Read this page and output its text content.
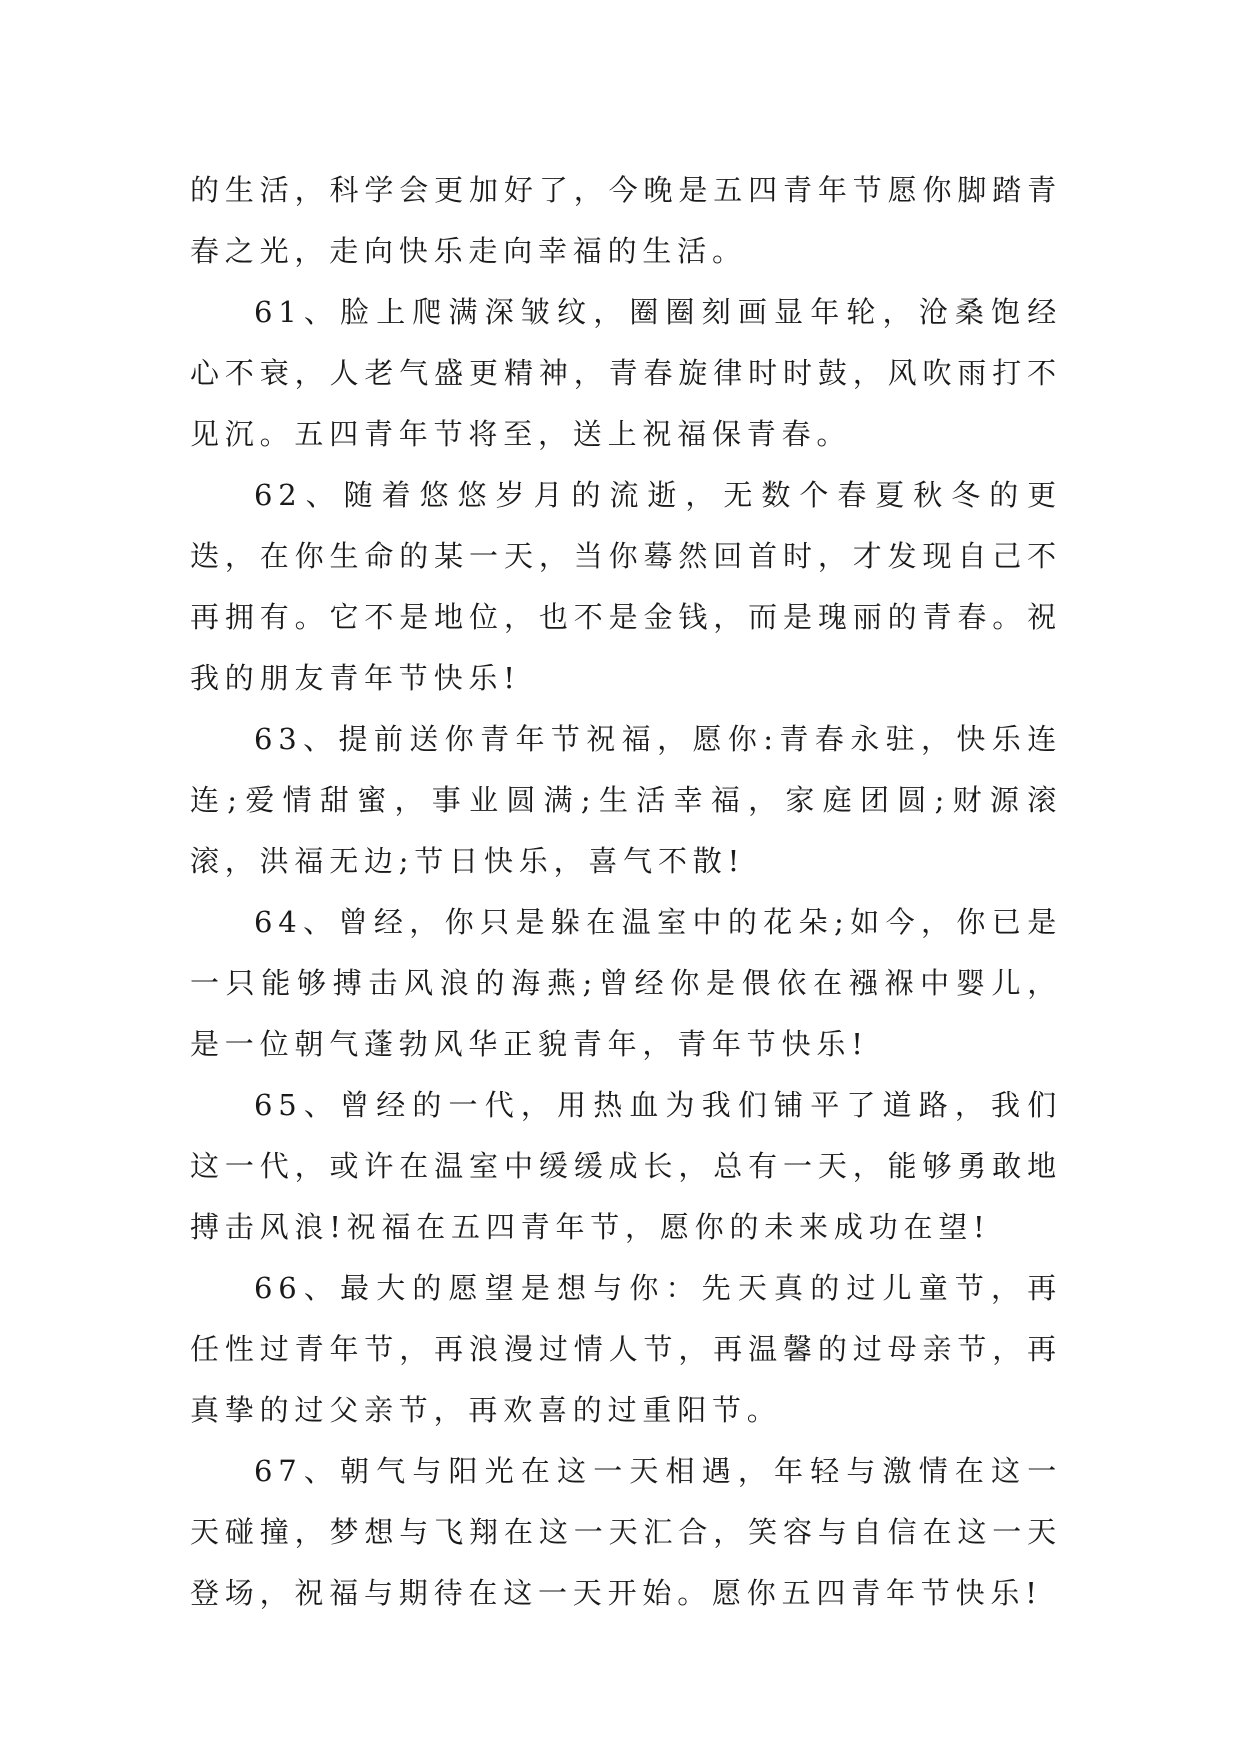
的生活，科学会更加好了，今晚是五四青年节愿你脚踏青春之光，走向快乐走向幸福的生活。

61、脸上爬满深皱纹，圈圈刻画显年轮，沧桑饱经心不衰，人老气盛更精神，青春旋律时时鼓，风吹雨打不见沉。五四青年节将至，送上祝福保青春。

62、随着悠悠岁月的流逝，无数个春夏秋冬的更迭，在你生命的某一天，当你蓦然回首时，才发现自己不再拥有。它不是地位，也不是金钱，而是瑰丽的青春。祝我的朋友青年节快乐!

63、提前送你青年节祝福，愿你:青春永驻，快乐连连;爱情甜蜜，事业圆满;生活幸福，家庭团圆;财源滚滚，洪福无边;节日快乐，喜气不散!

64、曾经，你只是躲在温室中的花朵;如今，你已是一只能够搏击风浪的海燕;曾经你是偎依在襁褓中婴儿，是一位朝气蓬勃风华正貌青年，青年节快乐!

65、曾经的一代，用热血为我们铺平了道路，我们这一代，或许在温室中缓缓成长，总有一天，能够勇敢地搏击风浪!祝福在五四青年节，愿你的未来成功在望!

66、最大的愿望是想与你：先天真的过儿童节，再任性过青年节，再浪漫过情人节，再温馨的过母亲节，再真挚的过父亲节，再欢喜的过重阳节。

67、朝气与阳光在这一天相遇，年轻与激情在这一天碰撞，梦想与飞翔在这一天汇合，笑容与自信在这一天登场，祝福与期待在这一天开始。愿你五四青年节快乐!
